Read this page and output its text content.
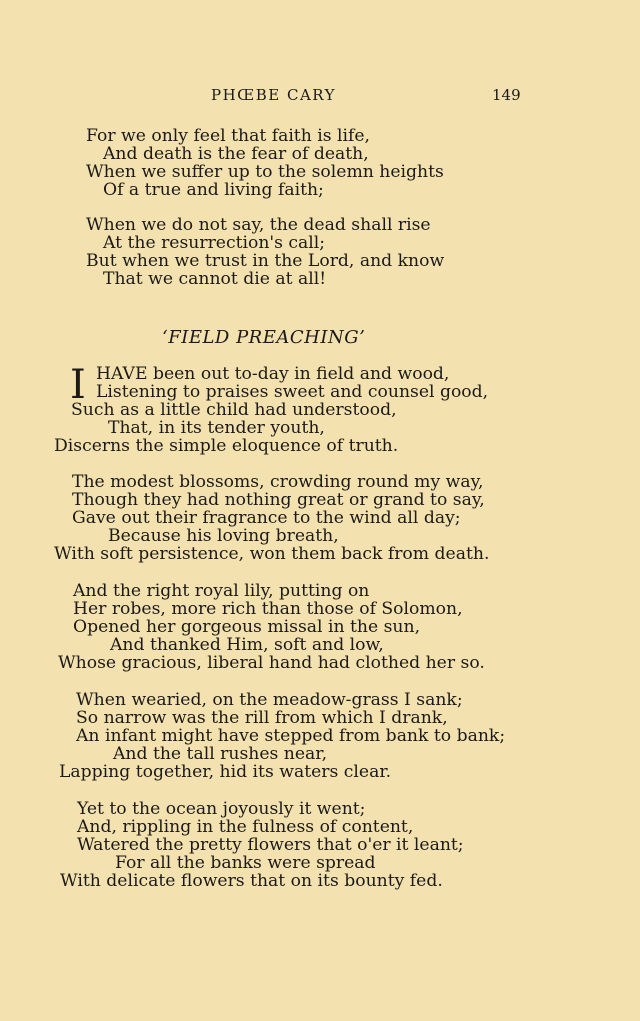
PHŒBE CARY	149
For we only feel that faith is life,
And death is the fear of death,
When we suffer up to the solemn heights
Of a true and living faith;
When we do not say, the dead shall rise
At the resurrection's call;
But when we trust in the Lord, and know
That we cannot die at all!
‘FIELD PREACHING’
I HAVE been out to-day in field and wood,
Listening to praises sweet and counsel good,
Such as a little child had understood,
That, in its tender youth,
Discerns the simple eloquence of truth.
The modest blossoms, crowding round my way,
Though they had nothing great or grand to say,
Gave out their fragrance to the wind all day;
Because his loving breath,
With soft persistence, won them back from death.
And the right royal lily, putting on
Her robes, more rich than those of Solomon,
Opened her gorgeous missal in the sun,
And thanked Him, soft and low,
Whose gracious, liberal hand had clothed her so.
When wearied, on the meadow-grass I sank;
So narrow was the rill from which I drank,
An infant might have stepped from bank to bank;
And the tall rushes near,
Lapping together, hid its waters clear.
Yet to the ocean joyously it went;
And, rippling in the fulness of content,
Watered the pretty flowers that o'er it leant;
For all the banks were spread
With delicate flowers that on its bounty fed.
